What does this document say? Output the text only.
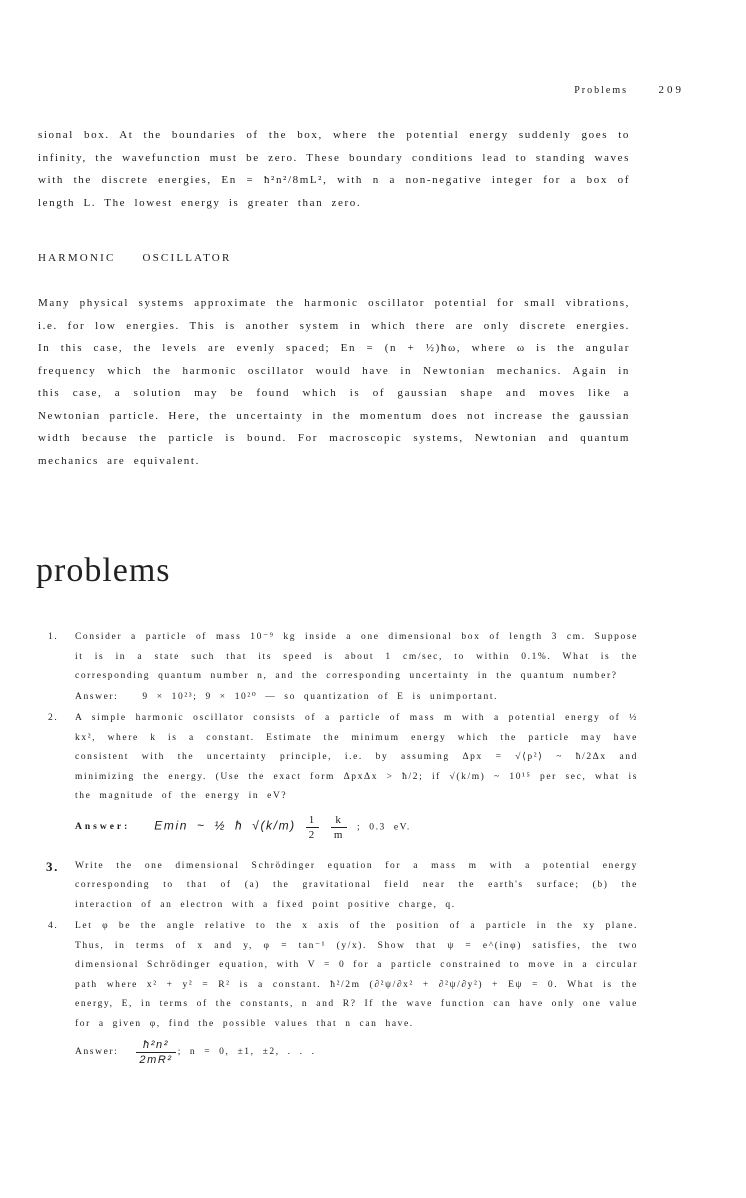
Problems	209

sional box. At the boundaries of the box, where the potential energy suddenly goes to infinity, the wavefunction must be zero. These boundary conditions lead to standing waves with the discrete energies, En = ħ²n²/8mL², with n a non-negative integer for a box of length L. The lowest energy is greater than zero.

HARMONIC OSCILLATOR

Many physical systems approximate the harmonic oscillator potential for small vibrations, i.e. for low energies. This is another system in which there are only discrete energies. In this case, the levels are evenly spaced; En = (n + ½)ħω, where ω is the angular frequency which the harmonic oscillator would have in Newtonian mechanics. Again in this case, a solution may be found which is of gaussian shape and moves like a Newtonian particle. Here, the uncertainty in the momentum does not increase the gaussian width because the particle is bound. For macroscopic systems, Newtonian and quantum mechanics are equivalent.

problems
1. Consider a particle of mass 10⁻⁹ kg inside a one dimensional box of length 3 cm. Suppose it is in a state such that its speed is about 1 cm/sec, to within 0.1%. What is the corresponding quantum number n, and the corresponding uncertainty in the quantum number?
Answer:	9 × 10²³; 9 × 10²⁰ — so quantization of E is unimportant.
2. A simple harmonic oscillator consists of a particle of mass m with a potential energy of ½ kx², where k is a constant. Estimate the minimum energy which the particle may have consistent with the uncertainty principle, i.e. by assuming Δpx = √⟨p²⟩ ~ ħ/2Δx and minimizing the energy. (Use the exact form ΔpxΔx > ħ/2; if √(k/m) ~ 10¹⁵ per sec, what is the magnitude of the energy in eV?
Answer: Emin ~ ½ ħ $√(k/m) \frac{1}{2}$
$\frac{k}{m}$ ; 0.3 eV.
3. Write the one dimensional Schrödinger equation for a mass m with a potential energy corresponding to that of (a) the gravitational field near the earth's surface; (b) the interaction of an electron with a fixed point positive charge, q.
4. Let φ be the angle relative to the x axis of the position of a particle in the xy plane. Thus, in terms of x and y, φ = tan⁻¹ (y/x). Show that ψ = e^(inφ) satisfies, the two dimensional Schrödinger equation, with V = 0 for a particle constrained to move in a circular path where x² + y² = R² is a constant. ħ²/2m (∂²ψ/∂x² + ∂²ψ/∂y²) + Eψ = 0. What is the energy, E, in terms of the constants, n and R? If the wave function can have only one value for a given φ, find the possible values that n can have.
Answer: $\frac{\text{ħ²n²}}{\text{2mR²}}$ ; n = 0, ±1, ±2, . . .
